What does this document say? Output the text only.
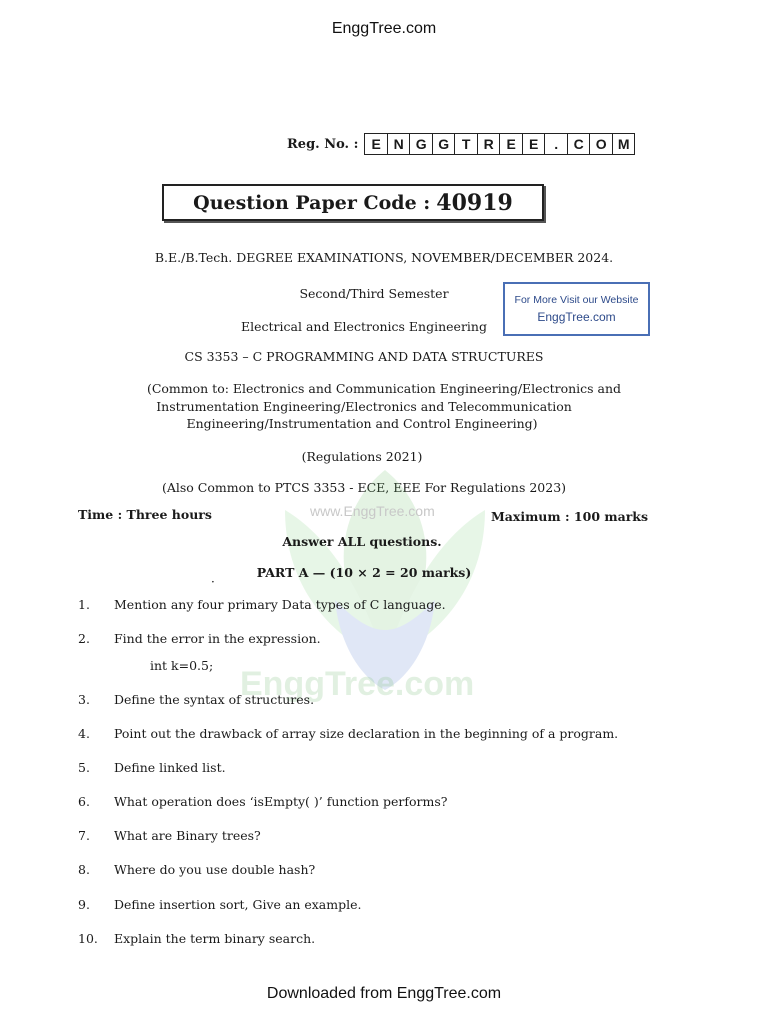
EnggTree.com
Reg. No. : E N G G T R E E	.	C O M
Question Paper Code : 40919
B.E./B.Tech. DEGREE EXAMINATIONS, NOVEMBER/DECEMBER 2024.
Second/Third Semester
Electrical and Electronics Engineering
For More Visit our Website
EnggTree.com
CS 3353 – C PROGRAMMING AND DATA STRUCTURES
(Common to: Electronics and Communication Engineering/Electronics and
Instrumentation Engineering/Electronics and Telecommunication
Engineering/Instrumentation and Control Engineering)
(Regulations 2021)
(Also Common to PTCS 3353 - ECE, EEE For Regulations 2023)
www.EnggTree.com
EnggTree.com
Time : Three hours	Maximum : 100 marks
Answer ALL questions.
PART A — (10 × 2 = 20 marks)
·
1.	Mention any four primary Data types of C language.
2.	Find the error in the expression.
int k=0.5;
3.	Define the syntax of structures.
4.	Point out the drawback of array size declaration in the beginning of a program.
5.	Define linked list.
6.	What operation does ‘isEmpty( )’ function performs?
7.	What are Binary trees?
8.	Where do you use double hash?
9.	Define insertion sort, Give an example.
10.	Explain the term binary search.
Downloaded from EnggTree.com
